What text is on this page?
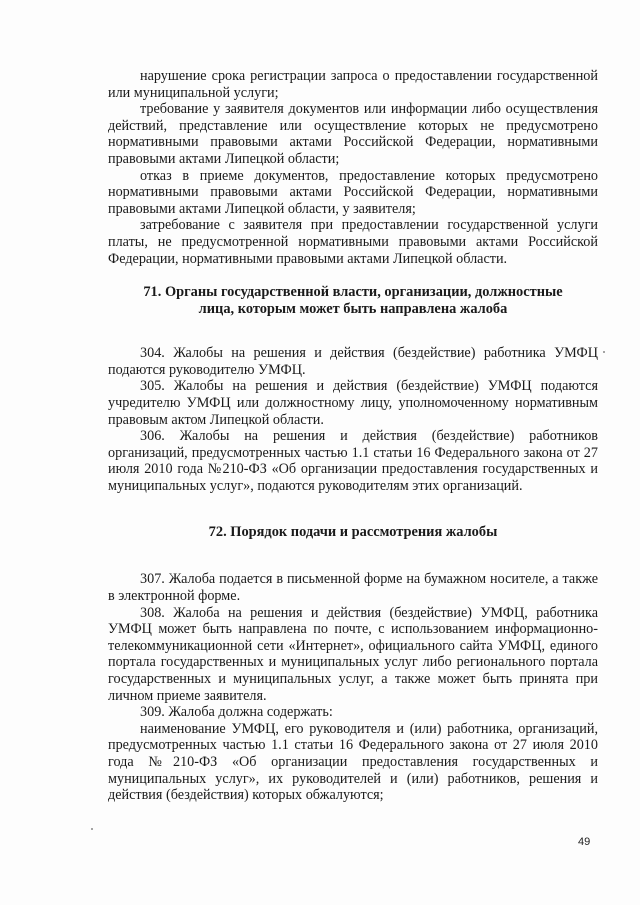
нарушение срока регистрации запроса о предоставлении государственной или муниципальной услуги;

требование у заявителя документов или информации либо осуществления действий, представление или осуществление которых не предусмотрено нормативными правовыми актами Российской Федерации, нормативными правовыми актами Липецкой области;

отказ в приеме документов, предоставление которых предусмотрено нормативными правовыми актами Российской Федерации, нормативными правовыми актами Липецкой области, у заявителя;

затребование с заявителя при предоставлении государственной услуги платы, не предусмотренной нормативными правовыми актами Российской Федерации, нормативными правовыми актами Липецкой области.

71. Органы государственной власти, организации, должностные

лица, которым может быть направлена жалоба

304. Жалобы на решения и действия (бездействие) работника УМФЦ подаются руководителю УМФЦ.

305. Жалобы на решения и действия (бездействие) УМФЦ подаются учредителю УМФЦ или должностному лицу, уполномоченному нормативным правовым актом Липецкой области.

306. Жалобы на решения и действия (бездействие) работников организаций, предусмотренных частью 1.1 статьи 16 Федерального закона от 27 июля 2010 года №210-ФЗ «Об организации предоставления государственных и муниципальных услуг», подаются руководителям этих организаций.

72. Порядок подачи и рассмотрения жалобы

307. Жалоба подается в письменной форме на бумажном носителе, а также в электронной форме.

308. Жалоба на решения и действия (бездействие) УМФЦ, работника УМФЦ может быть направлена по почте, с использованием информационно-телекоммуникационной сети «Интернет», официального сайта УМФЦ, единого портала государственных и муниципальных услуг либо регионального портала государственных и муниципальных услуг, а также может быть принята при личном приеме заявителя.

309. Жалоба должна содержать:

наименование УМФЦ, его руководителя и (или) работника, организаций, предусмотренных частью 1.1 статьи 16 Федерального закона от 27 июля 2010 года №210-ФЗ «Об организации предоставления государственных и муниципальных услуг», их руководителей и (или) работников, решения и действия (бездействия) которых обжалуются;

49
